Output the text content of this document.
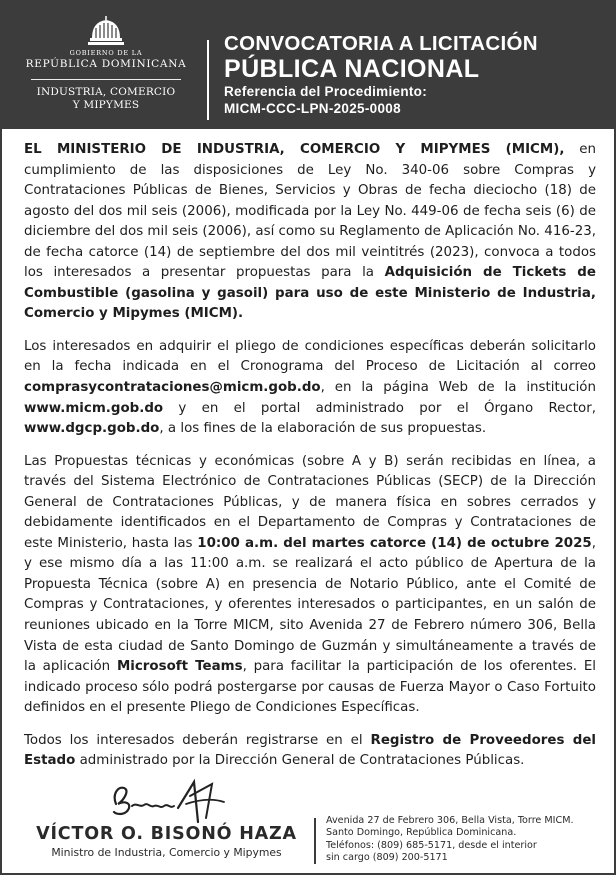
GOBIERNO DE LA
REPÚBLICA DOMINICANA
INDUSTRIA, COMERCIO
Y MIPYMES
CONVOCATORIA A LICITACIÓN
PÚBLICA NACIONAL
Referencia del Procedimiento:
MICM-CCC-LPN-2025-0008

EL MINISTERIO DE INDUSTRIA, COMERCIO Y MIPYMES (MICM), en cumplimiento de las disposiciones de Ley No. 340-06 sobre Compras y Contrataciones Públicas de Bienes, Servicios y Obras de fecha dieciocho (18) de agosto del dos mil seis (2006), modificada por la Ley No. 449-06 de fecha seis (6) de diciembre del dos mil seis (2006), así como su Reglamento de Aplicación No. 416-23, de fecha catorce (14) de septiembre del dos mil veintitrés (2023), convoca a todos los interesados a presentar propuestas para la Adquisición de Tickets de Combustible (gasolina y gasoil) para uso de este Ministerio de Industria, Comercio y Mipymes (MICM).

Los interesados en adquirir el pliego de condiciones específicas deberán solicitarlo en la fecha indicada en el Cronograma del Proceso de Licitación al correo comprasycontrataciones@micm.gob.do, en la página Web de la institución www.micm.gob.do y en el portal administrado por el Órgano Rector, www.dgcp.gob.do, a los fines de la elaboración de sus propuestas.

Las Propuestas técnicas y económicas (sobre A y B) serán recibidas en línea, a través del Sistema Electrónico de Contrataciones Públicas (SECP) de la Dirección General de Contrataciones Públicas, y de manera física en sobres cerrados y debidamente identificados en el Departamento de Compras y Contrataciones de este Ministerio, hasta las 10:00 a.m. del martes catorce (14) de octubre 2025, y ese mismo día a las 11:00 a.m. se realizará el acto público de Apertura de la Propuesta Técnica (sobre A) en presencia de Notario Público, ante el Comité de Compras y Contrataciones, y oferentes interesados o participantes, en un salón de reuniones ubicado en la Torre MICM, sito Avenida 27 de Febrero número 306, Bella Vista de esta ciudad de Santo Domingo de Guzmán y simultáneamente a través de la aplicación Microsoft Teams, para facilitar la participación de los oferentes. El indicado proceso sólo podrá postergarse por causas de Fuerza Mayor o Caso Fortuito definidos en el presente Pliego de Condiciones Específicas.

Todos los interesados deberán registrarse en el Registro de Proveedores del Estado administrado por la Dirección General de Contrataciones Públicas.

VÍCTOR O. BISONÓ HAZA
Ministro de Industria, Comercio y Mipymes
Avenida 27 de Febrero 306, Bella Vista, Torre MICM.
Santo Domingo, República Dominicana.
Teléfonos: (809) 685-5171, desde el interior
sin cargo (809) 200-5171
